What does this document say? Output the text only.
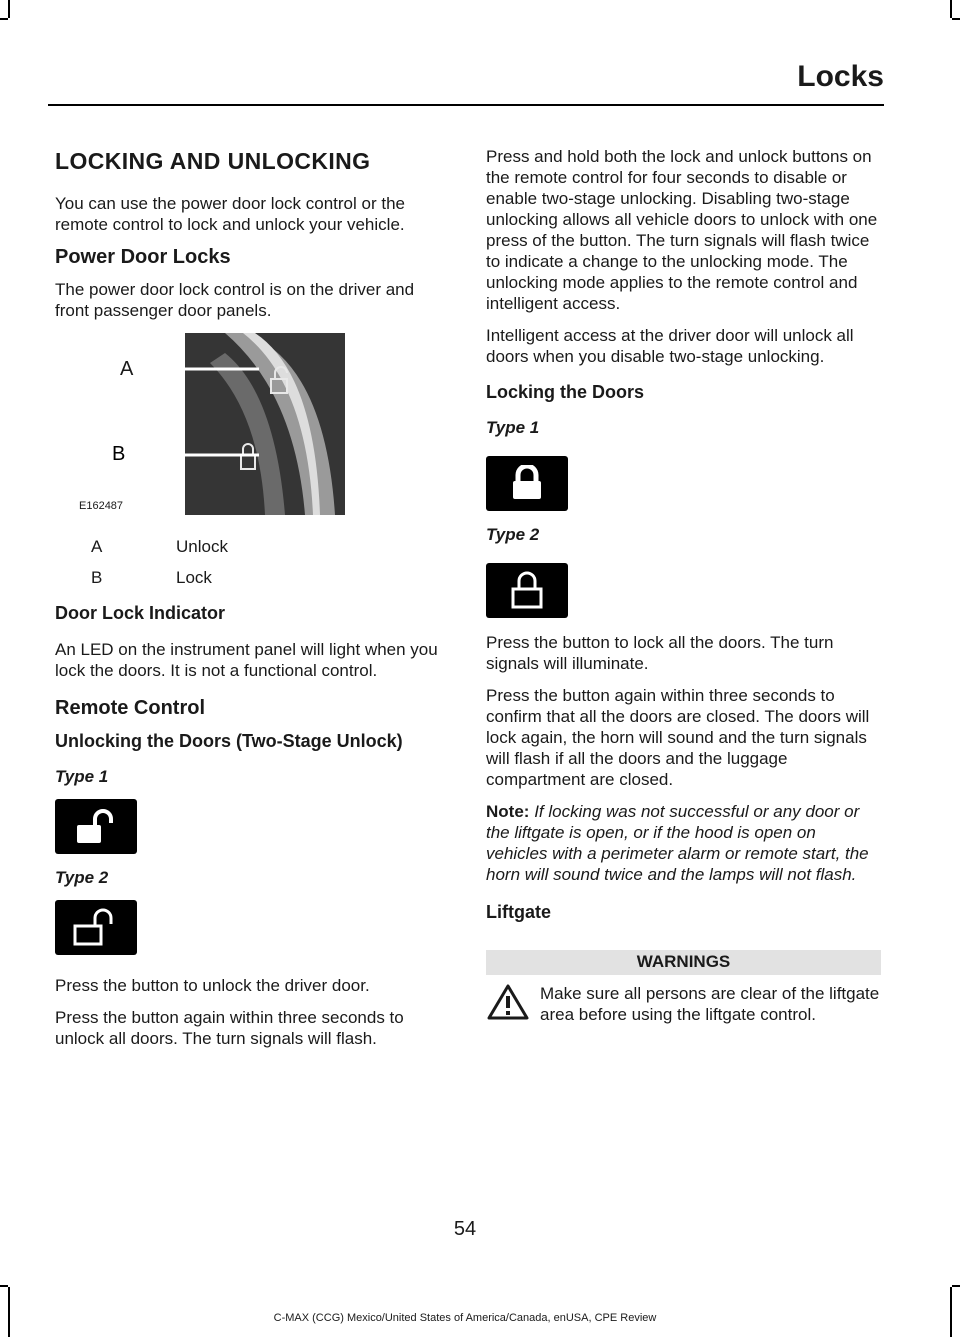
Locks
LOCKING AND UNLOCKING

You can use the power door lock control or the remote control to lock and unlock your vehicle.

Power Door Locks

The power door lock control is on the driver and front passenger door panels.

A
B
E162487
A	Unlock
B	Lock
Door Lock Indicator

An LED on the instrument panel will light when you lock the doors. It is not a functional control.

Remote Control
Unlocking the Doors (Two-Stage Unlock)
Type 1
Type 2

Press the button to unlock the driver door.

Press the button again within three seconds to unlock all doors. The turn signals will flash.

Press and hold both the lock and unlock buttons on the remote control for four seconds to disable or enable two-stage unlocking. Disabling two-stage unlocking allows all vehicle doors to unlock with one press of the button. The turn signals will flash twice to indicate a change to the unlocking mode. The unlocking mode applies to the remote control and intelligent access.

Intelligent access at the driver door will unlock all doors when you disable two-stage unlocking.

Locking the Doors
Type 1
Type 2

Press the button to lock all the doors. The turn signals will illuminate.

Press the button again within three seconds to confirm that all the doors are closed. The doors will lock again, the horn will sound and the turn signals will flash if all the doors and the luggage compartment are closed.

Note: If locking was not successful or any door or the liftgate is open, or if the hood is open on vehicles with a perimeter alarm or remote start, the horn will sound twice and the lamps will not flash.

Liftgate
WARNINGS
Make sure all persons are clear of the liftgate area before using the liftgate control.
54
C-MAX (CCG) Mexico/United States of America/Canada, enUSA, CPE Review
